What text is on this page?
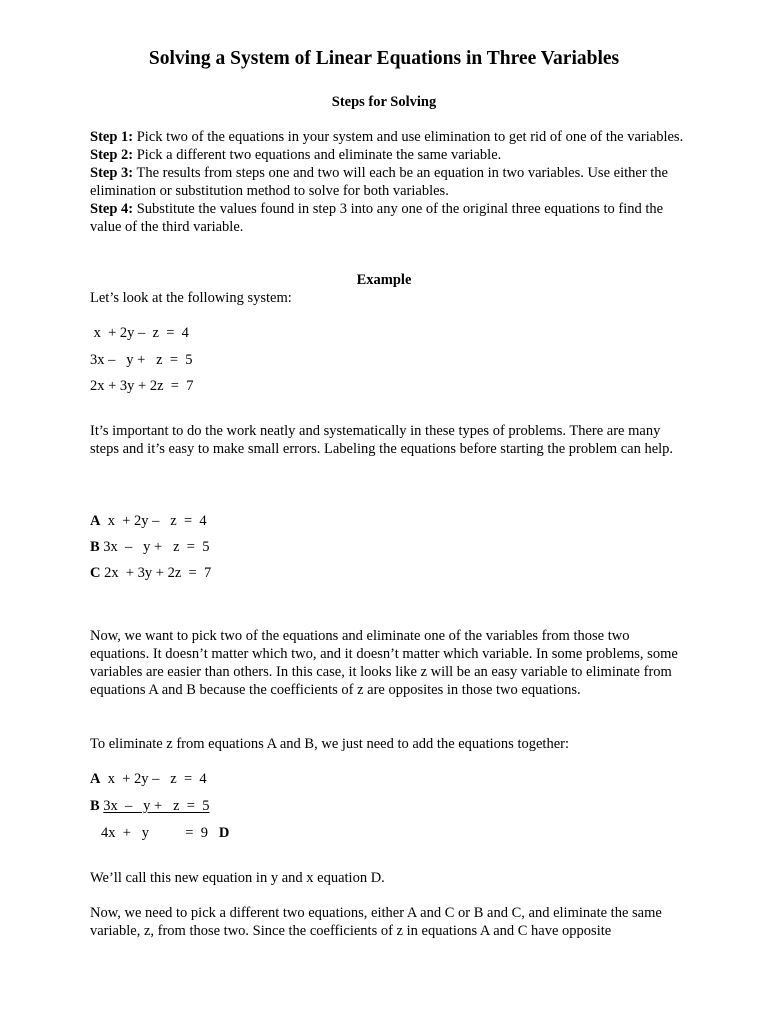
Solving a System of Linear Equations in Three Variables
Steps for Solving
Step 1: Pick two of the equations in your system and use elimination to get rid of one of the variables.
Step 2: Pick a different two equations and eliminate the same variable.
Step 3: The results from steps one and two will each be an equation in two variables. Use either the elimination or substitution method to solve for both variables.
Step 4: Substitute the values found in step 3 into any one of the original three equations to find the value of the third variable.
Example
Let’s look at the following system:
x  + 2y –  z  =  4
3x –   y +   z  =  5
2x + 3y + 2z  =  7
It’s important to do the work neatly and systematically in these types of problems. There are many steps and it’s easy to make small errors. Labeling the equations before starting the problem can help.
A  x  + 2y –   z  =  4
B 3x  –   y +   z  =  5
C 2x  + 3y + 2z  =  7
Now, we want to pick two of the equations and eliminate one of the variables from those two equations. It doesn’t matter which two, and it doesn’t matter which variable. In some problems, some variables are easier than others. In this case, it looks like z will be an easy variable to eliminate from equations A and B because the coefficients of z are opposites in those two equations.
To eliminate z from equations A and B, we just need to add the equations together:
A  x  + 2y –   z  =  4
B 3x  –   y +   z  =  5
4x  +   y          =  9 D
We’ll call this new equation in y and x equation D.
Now, we need to pick a different two equations, either A and C or B and C, and eliminate the same variable, z, from those two. Since the coefficients of z in equations A and C have opposite
